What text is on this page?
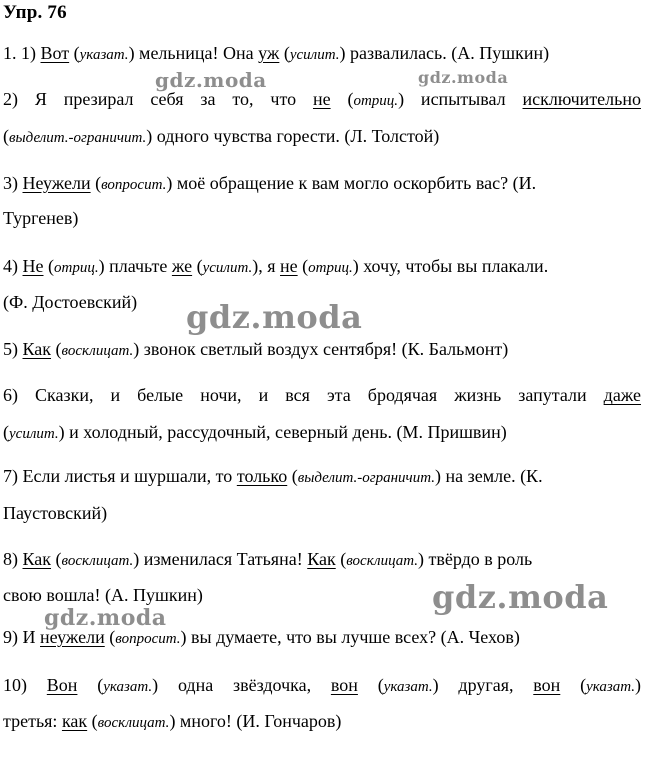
Упр. 76
gdz.moda	gdz.moda
gdz.moda
gdz.moda
gdz.moda
1. 1) Вот (указат.) мельница! Она уж (усилит.) развалилась. (А. Пушкин)
2) Я презирал себя за то, что не (отриц.) испытывал исключительно
(выделит.-ограничит.) одного чувства горести. (Л. Толстой)
3) Неужели (вопросит.) моё обращение к вам могло оскорбить вас? (И.
Тургенев)
4) Не (отриц.) плачьте же (усилит.), я не (отриц.) хочу, чтобы вы плакали.
(Ф. Достоевский)
5) Как (восклицат.) звонок светлый воздух сентября! (К. Бальмонт)
6) Сказки, и белые ночи, и вся эта бродячая жизнь запутали даже
(усилит.) и холодный, рассудочный, северный день. (М. Пришвин)
7) Если листья и шуршали, то только (выделит.-ограничит.) на земле. (К.
Паустовский)
8) Как (восклицат.) изменилася Татьяна! Как (восклицат.) твёрдо в роль
свою вошла! (А. Пушкин)
9) И неужели (вопросит.) вы думаете, что вы лучше всех? (А. Чехов)
10) Вон (указат.) одна звёздочка, вон (указат.) другая, вон (указат.)
третья: как (восклицат.) много! (И. Гончаров)
